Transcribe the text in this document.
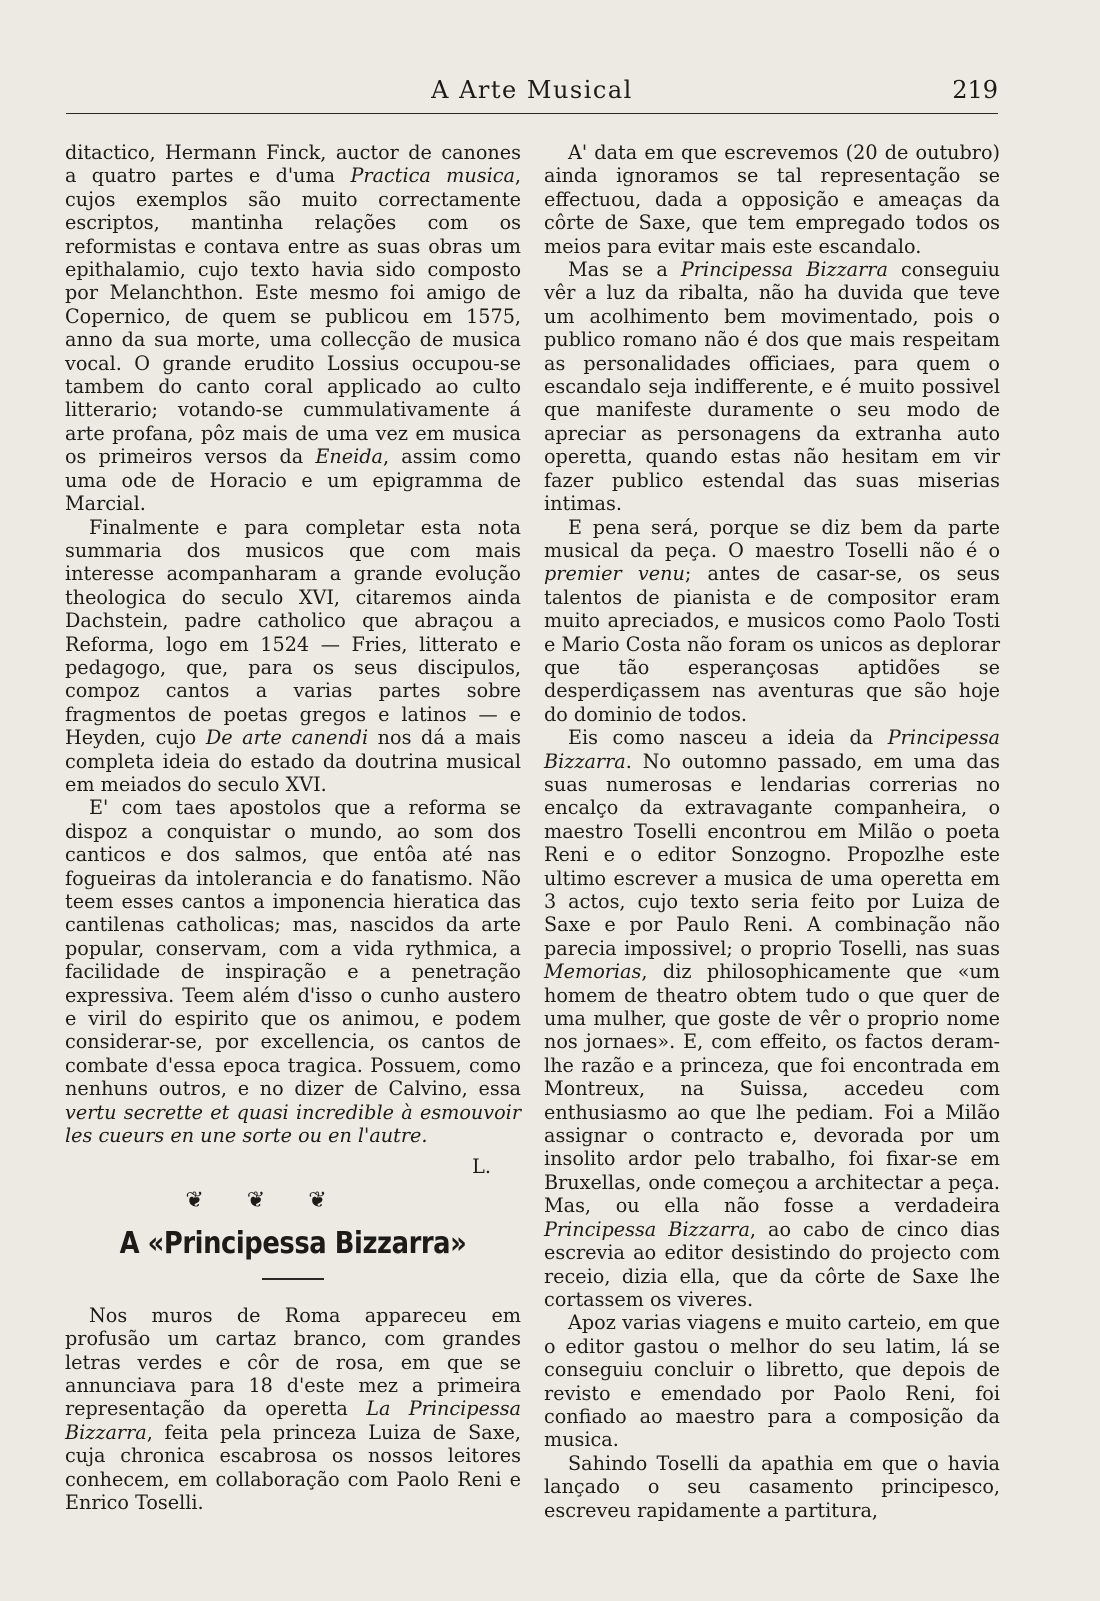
A Arte Musical	219

ditactico, Hermann Finck, auctor de canones a quatro partes e d'uma Practica musica, cujos exemplos são muito correctamente escriptos, mantinha relações com os reformistas e contava entre as suas obras um epithalamio, cujo texto havia sido composto por Melanchthon. Este mesmo foi amigo de Copernico, de quem se publicou em 1575, anno da sua morte, uma collecção de musica vocal. O grande erudito Lossius occupou-se tambem do canto coral applicado ao culto litterario; votando-se cummulativamente á arte profana, pôz mais de uma vez em musica os primeiros versos da Eneida, assim como uma ode de Horacio e um epigramma de Marcial.

Finalmente e para completar esta nota summaria dos musicos que com mais interesse acompanharam a grande evolução theologica do seculo XVI, citaremos ainda Dachstein, padre catholico que abraçou a Reforma, logo em 1524 — Fries, litterato e pedagogo, que, para os seus discipulos, compoz cantos a varias partes sobre fragmentos de poetas gregos e latinos — e Heyden, cujo De arte canendi nos dá a mais completa ideia do estado da doutrina musical em meiados do seculo XVI.

E' com taes apostolos que a reforma se dispoz a conquistar o mundo, ao som dos canticos e dos salmos, que entôa até nas fogueiras da intolerancia e do fanatismo. Não teem esses cantos a imponencia hieratica das cantilenas catholicas; mas, nascidos da arte popular, conservam, com a vida rythmica, a facilidade de inspiração e a penetração expressiva. Teem além d'isso o cunho austero e viril do espirito que os animou, e podem considerar-se, por excellencia, os cantos de combate d'essa epoca tragica. Possuem, como nenhuns outros, e no dizer de Calvino, essa vertu secrette et quasi incredible à esmouvoir les cueurs en une sorte ou en l'autre.

L.
❦ ❦ ❦
A «Principessa Bizzarra»

Nos muros de Roma appareceu em profusão um cartaz branco, com grandes letras verdes e côr de rosa, em que se annunciava para 18 d'este mez a primeira representação da operetta La Principessa Bizzarra, feita pela princeza Luiza de Saxe, cuja chronica escabrosa os nossos leitores conhecem, em collaboração com Paolo Reni e Enrico Toselli.

A' data em que escrevemos (20 de outubro) ainda ignoramos se tal representação se effectuou, dada a opposição e ameaças da côrte de Saxe, que tem empregado todos os meios para evitar mais este escandalo.

Mas se a Principessa Bizzarra conseguiu vêr a luz da ribalta, não ha duvida que teve um acolhimento bem movimentado, pois o publico romano não é dos que mais respeitam as personalidades officiaes, para quem o escandalo seja indifferente, e é muito possivel que manifeste duramente o seu modo de apreciar as personagens da extranha auto operetta, quando estas não hesitam em vir fazer publico estendal das suas miserias intimas.

E pena será, porque se diz bem da parte musical da peça. O maestro Toselli não é o premier venu; antes de casar-se, os seus talentos de pianista e de compositor eram muito apreciados, e musicos como Paolo Tosti e Mario Costa não foram os unicos as deplorar que tão esperançosas aptidões se desperdiçassem nas aventuras que são hoje do dominio de todos.

Eis como nasceu a ideia da Principessa Bizzarra. No outomno passado, em uma das suas numerosas e lendarias correrias no encalço da extravagante companheira, o maestro Toselli encontrou em Milão o poeta Reni e o editor Sonzogno. Propozlhe este ultimo escrever a musica de uma operetta em 3 actos, cujo texto seria feito por Luiza de Saxe e por Paulo Reni. A combinação não parecia impossivel; o proprio Toselli, nas suas Memorias, diz philosophicamente que «um homem de theatro obtem tudo o que quer de uma mulher, que goste de vêr o proprio nome nos jornaes». E, com effeito, os factos deram-lhe razão e a princeza, que foi encontrada em Montreux, na Suissa, accedeu com enthusiasmo ao que lhe pediam. Foi a Milão assignar o contracto e, devorada por um insolito ardor pelo trabalho, foi fixar-se em Bruxellas, onde começou a architectar a peça. Mas, ou ella não fosse a verdadeira Principessa Bizzarra, ao cabo de cinco dias escrevia ao editor desistindo do projecto com receio, dizia ella, que da côrte de Saxe lhe cortassem os viveres.

Apoz varias viagens e muito carteio, em que o editor gastou o melhor do seu latim, lá se conseguiu concluir o libretto, que depois de revisto e emendado por Paolo Reni, foi confiado ao maestro para a composição da musica.

Sahindo Toselli da apathia em que o havia lançado o seu casamento principesco, escreveu rapidamente a partitura,
